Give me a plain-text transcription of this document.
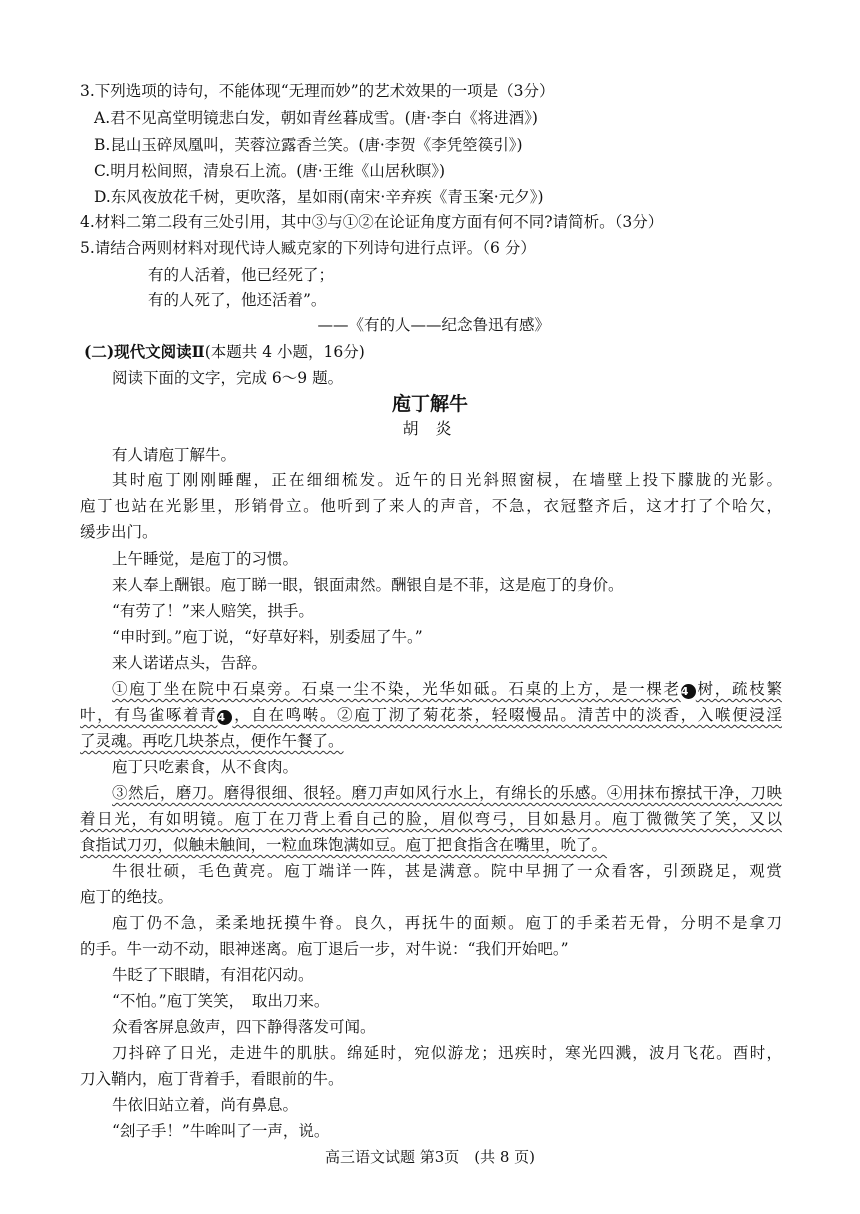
3.下列选项的诗句，不能体现“无理而妙”的艺术效果的一项是（3分）
A.君不见高堂明镜悲白发，朝如青丝暮成雪。(唐·李白《将进酒》)
B.昆山玉碎凤凰叫，芙蓉泣露香兰笑。(唐·李贺《李凭箜篌引》)
C.明月松间照，清泉石上流。(唐·王维《山居秋暝》)
D.东风夜放花千树，更吹落，星如雨(南宋·辛弃疾《青玉案·元夕》)
4.材料二第二段有三处引用，其中③与①②在论证角度方面有何不同?请简析。（3分）
5.请结合两则材料对现代诗人臧克家的下列诗句进行点评。（6 分）
有的人活着，他已经死了；
有的人死了，他还活着”。
——《有的人——纪念鲁迅有感》
(二)现代文阅读Ⅱ(本题共 4 小题，16分)
阅读下面的文字，完成 6～9 题。
庖丁解牛
胡 炎
有人请庖丁解牛。
其时庖丁刚刚睡醒，正在细细梳发。近午的日光斜照窗棂，在墙壁上投下朦胧的光影。
庖丁也站在光影里，形销骨立。他听到了来人的声音，不急，衣冠整齐后，这才打了个哈欠，
缓步出门。
上午睡觉，是庖丁的习惯。
来人奉上酬银。庖丁睇一眼，银面肃然。酬银自是不菲，这是庖丁的身价。
“有劳了！”来人赔笑，拱手。
“申时到。”庖丁说，“好草好料，别委屈了牛。”
来人诺诺点头，告辞。
①庖丁坐在院中石桌旁。石桌一尘不染，光华如砥。石桌的上方，是一棵老4 树，疏枝繁
叶，有鸟雀啄着青4 ，自在鸣啭。②庖丁沏了菊花茶，轻啜慢品。清苦中的淡香，入喉便浸淫
了灵魂。再吃几块茶点，便作午餐了。
庖丁只吃素食，从不食肉。
③然后，磨刀。磨得很细、很轻。磨刀声如风行水上，有绵长的乐感。④用抹布擦拭干净，刀映
着日光，有如明镜。庖丁在刀背上看自己的脸，眉似弯弓，目如悬月。庖丁微微笑了笑，又以
食指试刀刃，似触未触间，一粒血珠饱满如豆。庖丁把食指含在嘴里，吮了。
牛很壮硕，毛色黄亮。庖丁端详一阵，甚是满意。院中早拥了一众看客，引颈跷足，观赏
庖丁的绝技。
庖丁仍不急，柔柔地抚摸牛脊。良久，再抚牛的面颊。庖丁的手柔若无骨，分明不是拿刀
的手。牛一动不动，眼神迷离。庖丁退后一步，对牛说：“我们开始吧。”
牛眨了下眼睛，有泪花闪动。
“不怕。”庖丁笑笑，　取出刀来。
众看客屏息敛声，四下静得落发可闻。
刀抖碎了日光，走进牛的肌肤。绵延时，宛似游龙；迅疾时，寒光四溅，波月飞花。酉时，
刀入鞘内，庖丁背着手，看眼前的牛。
牛依旧站立着，尚有鼻息。
“刽子手！”牛哞叫了一声，说。
高三语文试题 第3页　(共 8 页)
